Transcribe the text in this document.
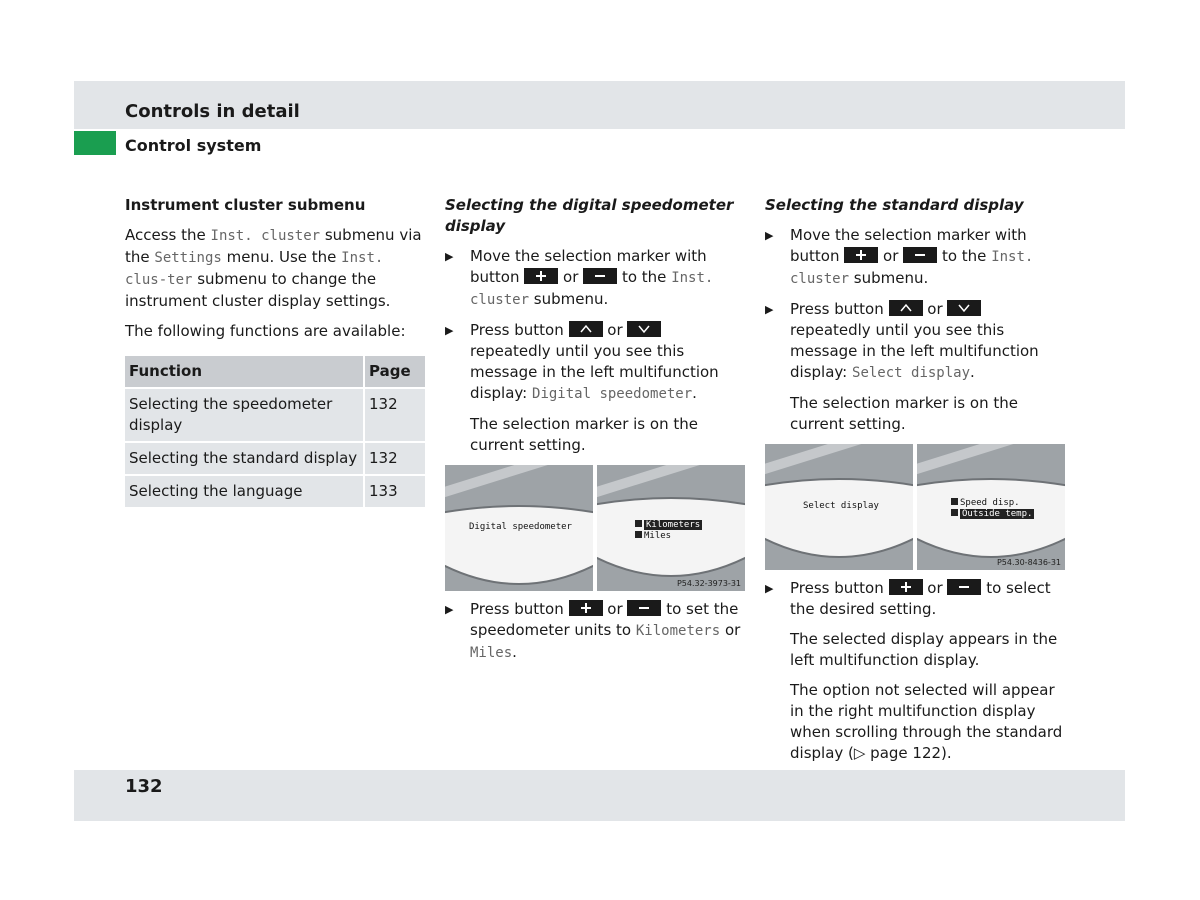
Controls in detail
Control system
Instrument cluster submenu

Access the Inst. cluster submenu via the Settings menu. Use the Inst. clus-ter submenu to change the instrument cluster display settings.

The following functions are available:

Function	Page
Selecting the speedometer display	132
Selecting the standard display	132
Selecting the language	133
Selecting the digital speedometer display
▶ Move the selection marker with button	or	to the Inst. cluster submenu.
▶ Press button	or
repeatedly until you see this message in the left multifunction display: Digital speedometer.

The selection marker is on the current setting.

Digital speedometer	Kilometers
Miles
P54.32-3973-31
▶ Press button	or	to set the speedometer units to Kilometers or Miles.
Selecting the standard display
▶ Move the selection marker with button	or	to the Inst. cluster submenu.
▶ Press button	or
repeatedly until you see this message in the left multifunction display: Select display.

The selection marker is on the current setting.

Select display	Speed disp.
Outside temp.
P54.30-8436-31
▶ Press button	or	to select the desired setting.

The selected display appears in the left multifunction display.

The option not selected will appear in the right multifunction display when scrolling through the standard display (▷ page 122).

132
